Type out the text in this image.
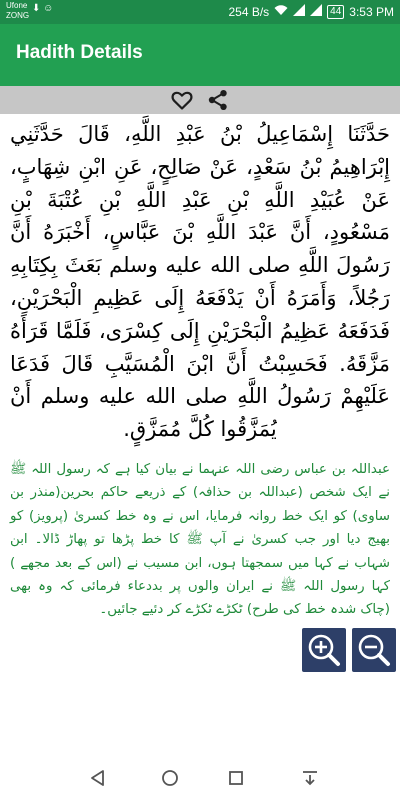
Ufone
ZONG
⬇ ☺	254 B/s	44 3:53 PM
Hadith Details
حَدَّثَنَا إِسْمَاعِيلُ بْنُ عَبْدِ اللَّهِ، قَالَ حَدَّثَنِي إِبْرَاهِيمُ بْنُ سَعْدٍ، عَنْ صَالِحٍ، عَنِ ابْنِ شِهَابٍ، عَنْ عُبَيْدِ اللَّهِ بْنِ عَبْدِ اللَّهِ بْنِ عُتْبَةَ بْنِ مَسْعُودٍ، أَنَّ عَبْدَ اللَّهِ بْنَ عَبَّاسٍ، أَخْبَرَهُ أَنَّ رَسُولَ اللَّهِ صلى الله عليه وسلم بَعَثَ بِكِتَابِهِ رَجُلاً، وَأَمَرَهُ أَنْ يَدْفَعَهُ إِلَى عَظِيمِ الْبَحْرَيْنِ، فَدَفَعَهُ عَظِيمُ الْبَحْرَيْنِ إِلَى كِسْرَى، فَلَمَّا قَرَأَهُ مَزَّقَهُ‏.‏ فَحَسِبْتُ أَنَّ ابْنَ الْمُسَيَّبِ قَالَ فَدَعَا عَلَيْهِمْ رَسُولُ اللَّهِ صلى الله عليه وسلم أَنْ يُمَزَّقُوا كُلَّ مُمَزَّقٍ‏.‏
عبداللہ بن عباس رضی اللہ عنہما نے بیان کیا ہے کہ رسول اللہ ﷺ نے ایک شخص (عبداللہ بن حذافہ) کے ذریعے حاکم بحرین(منذر بن ساوی) کو ایک خط روانہ فرمایا، اس نے وہ خط کسریٰ (پرویز) کو بھیج دیا اور جب کسریٰ نے آپ ﷺ کا خط پڑھا تو پھاڑ ڈالا۔ ابن شہاب نے کہا میں سمجھتا ہوں، ابن مسیب نے (اس کے بعد مجھے ) کہا رسول اللہ ﷺ نے ایران والوں پر بددعاء فرمائی کہ وہ بھی (چاک شدہ خط کی طرح) ٹکڑے ٹکڑے کر دئیے جائیں۔
